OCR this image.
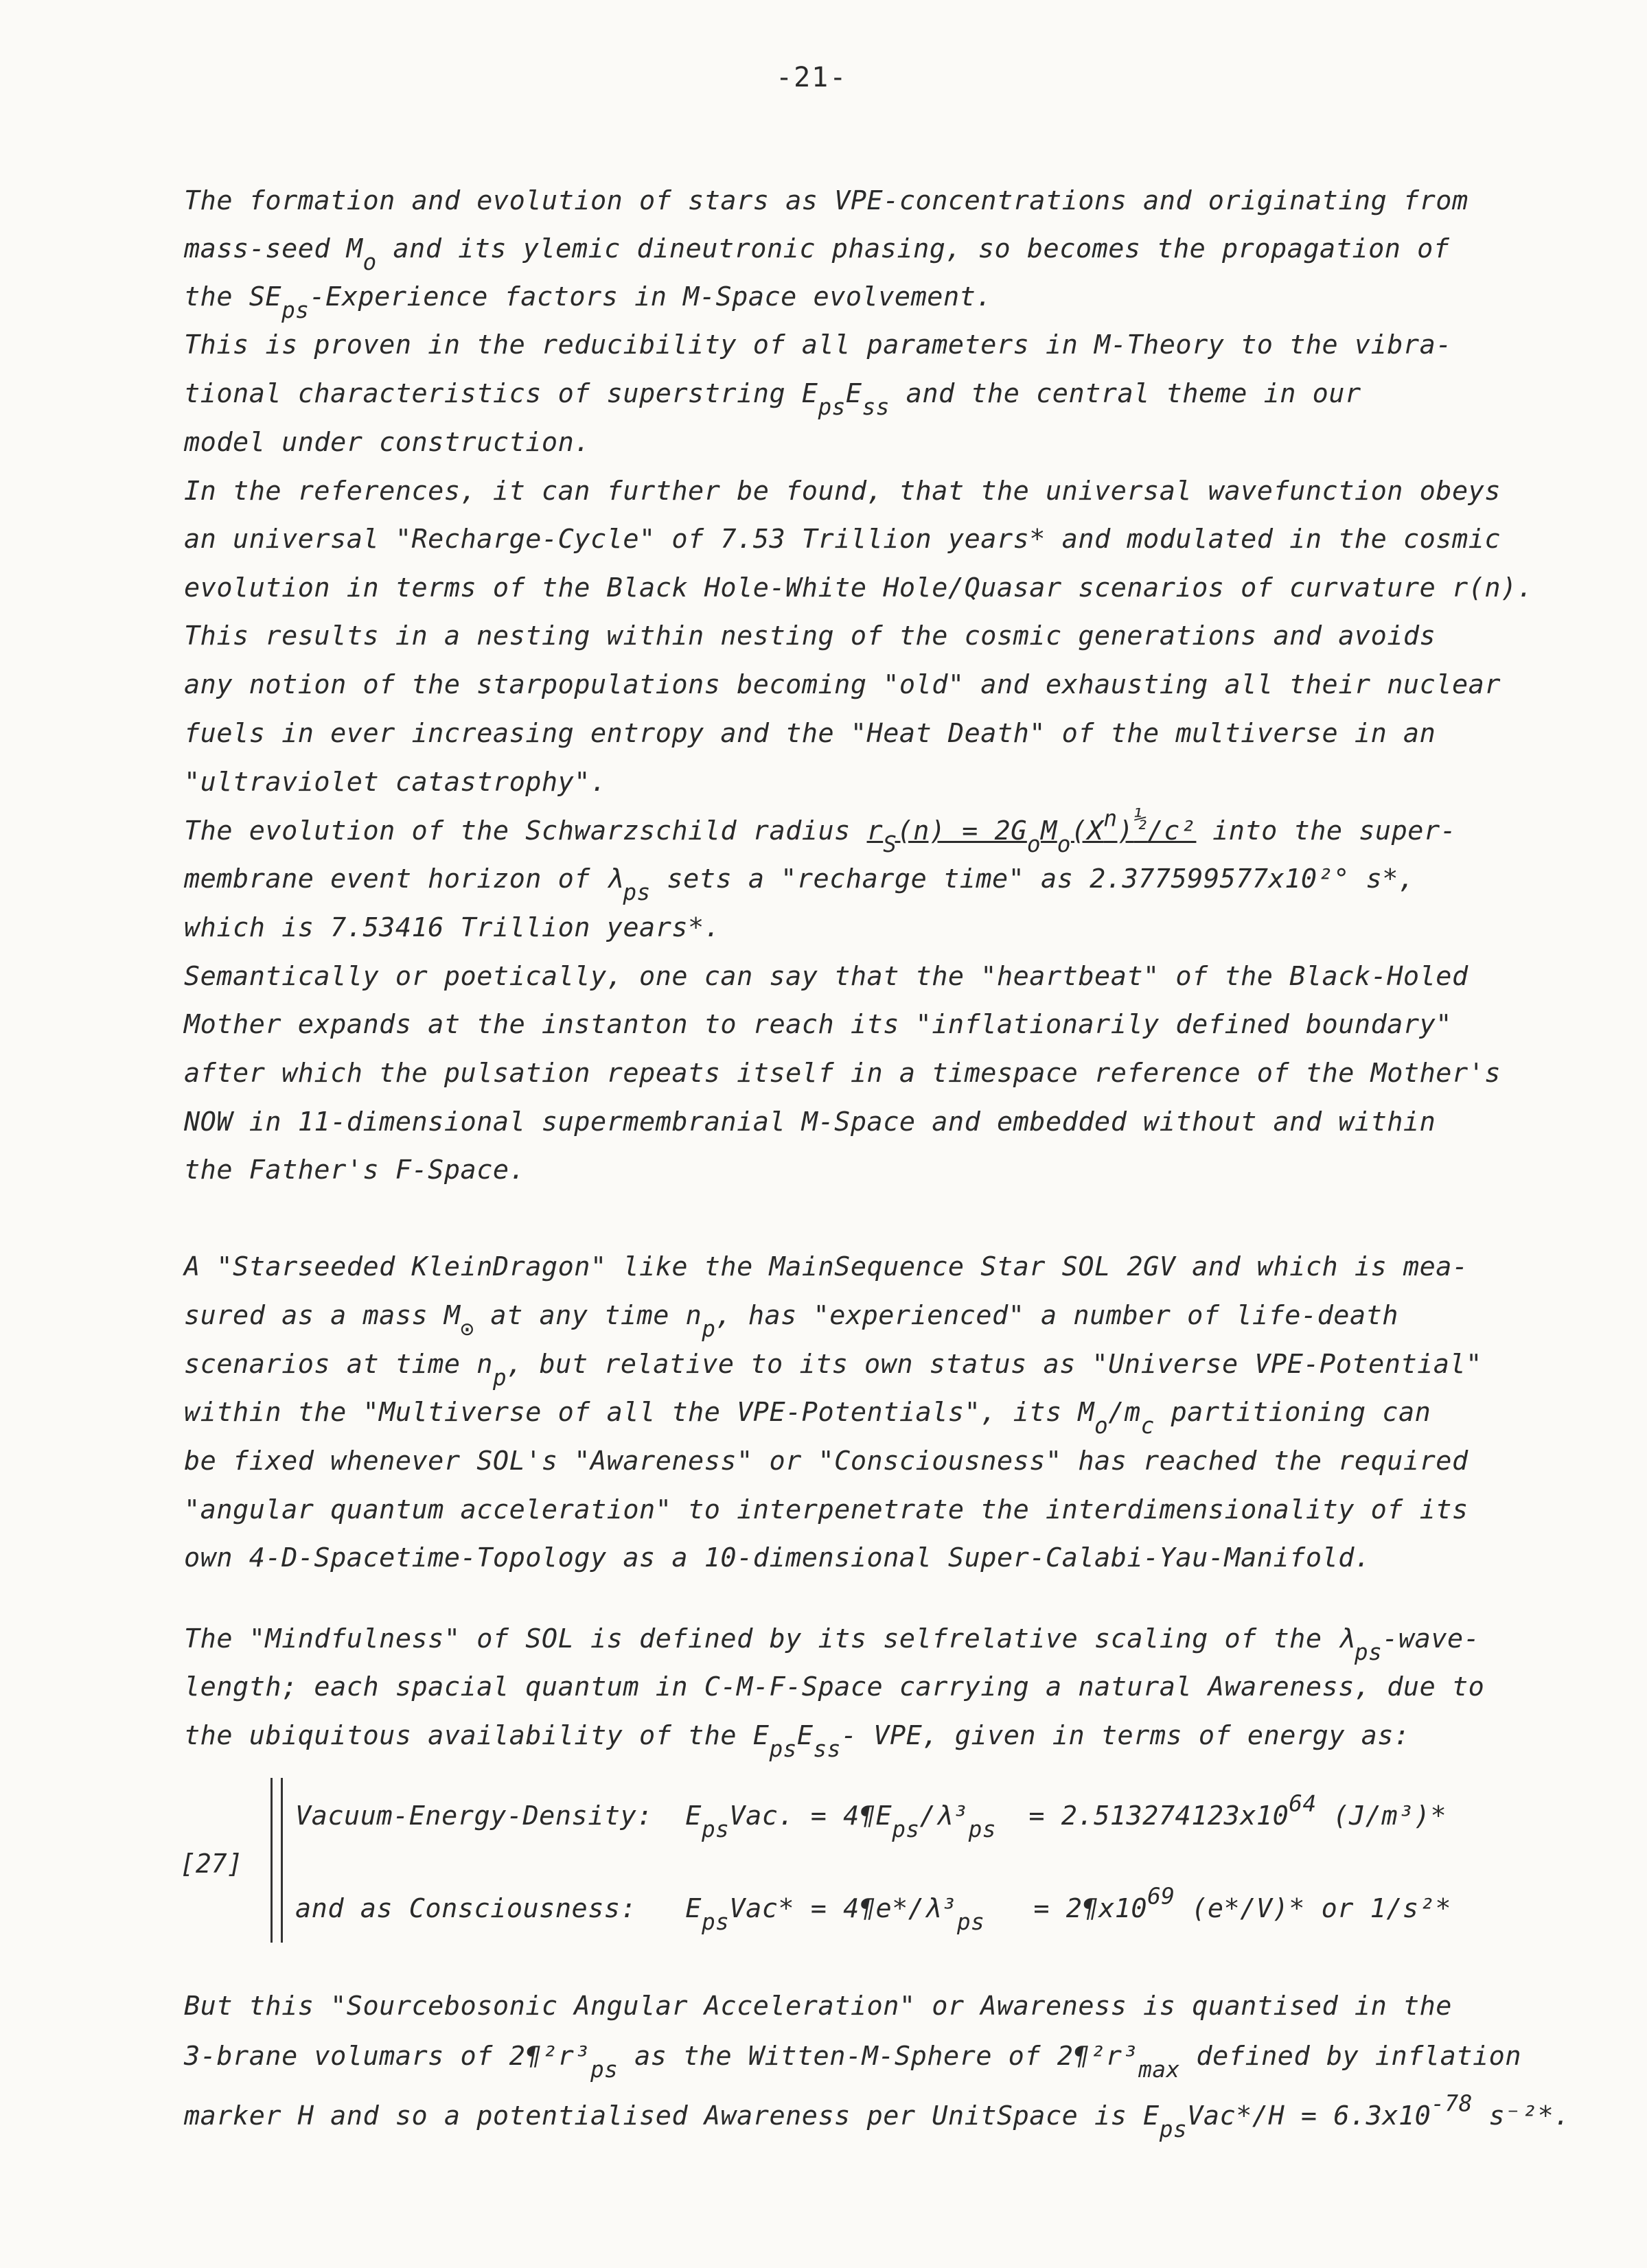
-21-
The formation and evolution of stars as VPE-concentrations and originating from
mass-seed $M_o$ and its ylemic dineutronic phasing, so becomes the propagation of
the $SE_{ps}$-Experience factors in M-Space evolvement.
This is proven in the reducibility of all parameters in M-Theory to the vibra-
tional characteristics of superstring $E_{ps}E_{ss}$ and the central theme in our
model under construction.
In the references, it can further be found, that the universal wavefunction obeys
an universal "Recharge-Cycle" of 7.53 Trillion years* and modulated in the cosmic
evolution in terms of the Black Hole-White Hole/Quasar scenarios of curvature r(n).
This results in a nesting within nesting of the cosmic generations and avoids
any notion of the starpopulations becoming "old" and exhausting all their nuclear
fuels in ever increasing entropy and the "Heat Death" of the multiverse in an
"ultraviolet catastrophy".
The evolution of the Schwarzschild radius $r_S(n) = 2G_oM_o(X^n)^{\frac{1}{2}}/c^2$ into the super-
membrane event horizon of $\lambda_{ps}$ sets a "recharge time" as 2.377599577x10²° s*,
which is 7.53416 Trillion years*.
Semantically or poetically, one can say that the "heartbeat" of the Black-Holed
Mother expands at the instanton to reach its "inflationarily defined boundary"
after which the pulsation repeats itself in a timespace reference of the Mother's
NOW in 11-dimensional supermembranial M-Space and embedded without and within
the Father's F-Space.
A "Starseeded KleinDragon" like the MainSequence Star SOL 2GV and which is mea-
sured as a mass $M_⊙$ at any time $n_p$, has "experienced" a number of life-death
scenarios at time $n_p$, but relative to its own status as "Universe VPE-Potential"
within the "Multiverse of all the VPE-Potentials", its $M_o/m_c$ partitioning can
be fixed whenever SOL's "Awareness" or "Consciousness" has reached the required
"angular quantum acceleration" to interpenetrate the interdimensionality of its
own 4-D-Spacetime-Topology as a 10-dimensional Super-Calabi-Yau-Manifold.
The "Mindfulness" of SOL is defined by its selfrelative scaling of the $\lambda_{ps}-wave-$
length; each spacial quantum in C-M-F-Space carrying a natural Awareness, due to
the ubiquitous availability of the $E_{ps}E_{ss}-$ VPE, given in terms of energy as:
But this "Sourcebosonic Angular Acceleration" or Awareness is quantised in the
3-brane volumars of $2\P^2r^3_{ps}$ as the Witten-M-Sphere of $2\P^2r^3_{max}$ defined by inflation
marker H and so a potentialised Awareness per UnitSpace is $E_{ps}Vac*/H = 6.3x10^{-78}$ s⁻²*.
[27]
Vacuum-Energy-Density:  $E_{ps}Vac$. = $4\P E_{ps}/\lambda^3_{ps} = 2.513274123x10^{64}$ (J/m³)*
and as Consciousness:   $E_{ps}Vac*$ = $4\P e*/\lambda^3_{ps}$   = $2\P x10^{69}$ (e*/V)* or 1/s²*
